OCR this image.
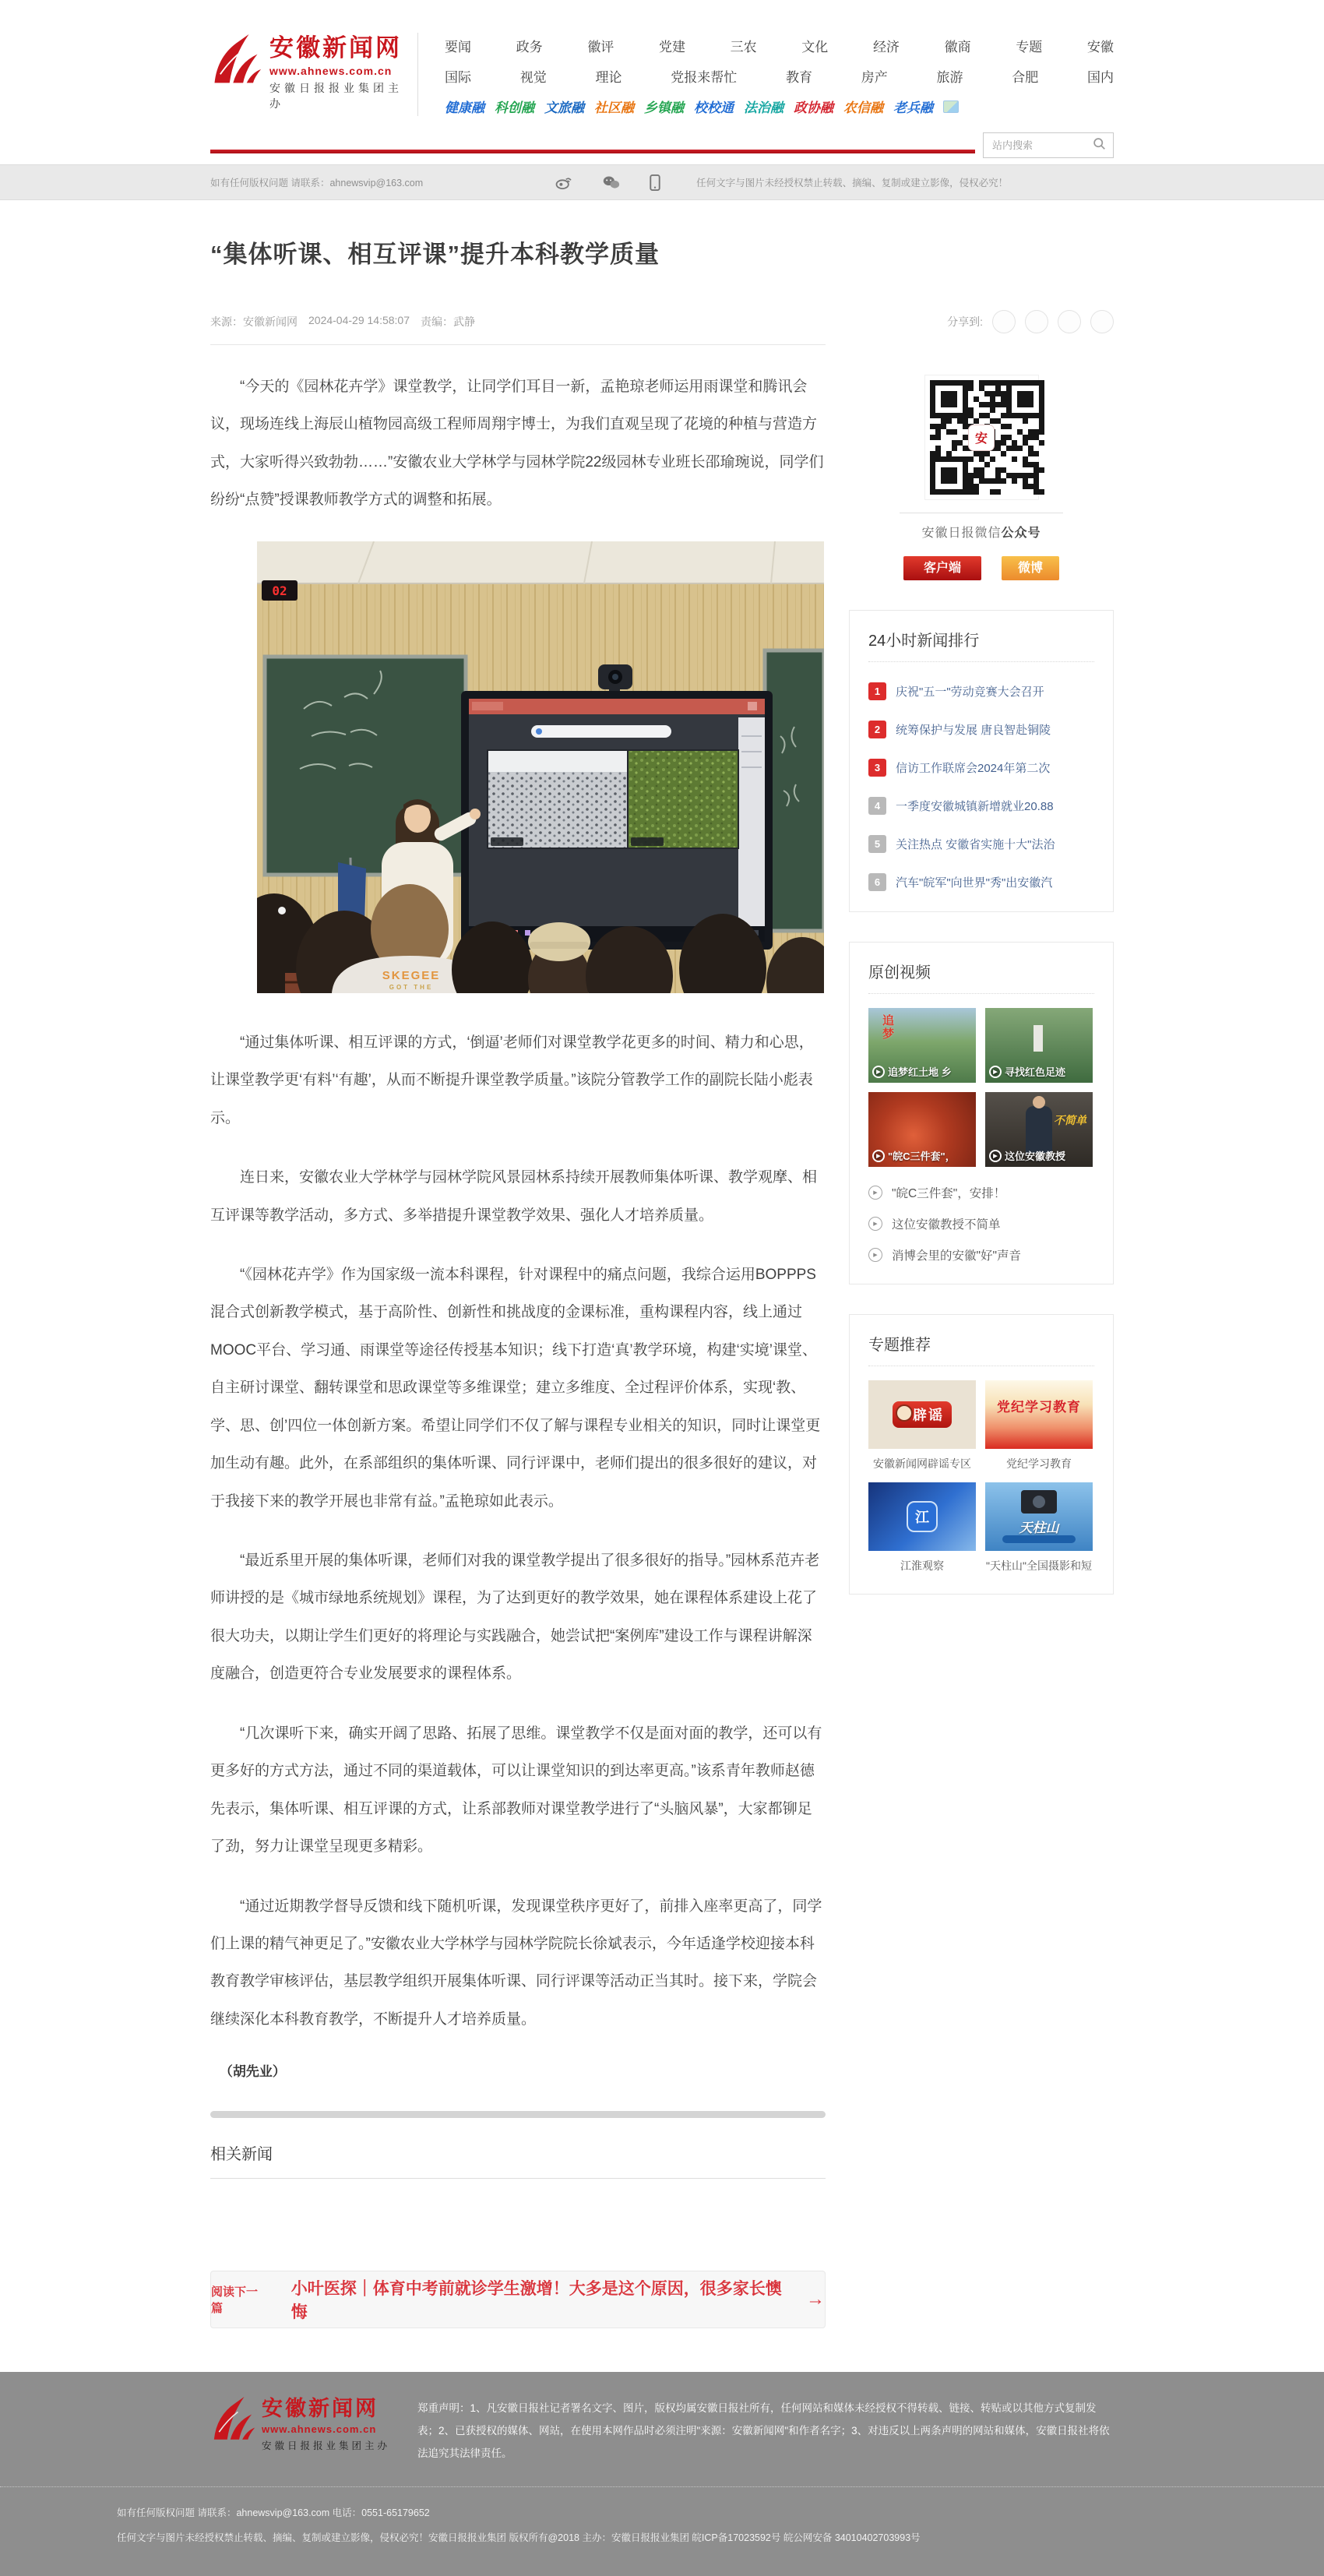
安徽新闻网
www.ahnews.com.cn
安徽日报报业集团主办
要闻	政务	徽评	党建	三农	文化	经济	徽商	专题	安徽
国际	视觉	理论	党报来帮忙	教育	房产	旅游	合肥	国内
健康融 科创融 文旅融 社区融 乡镇融 校校通 法治融 政协融 农信融 老兵融
站内搜索
如有任何版权问题 请联系：ahnewsvip@163.com	任何文字与图片未经授权禁止转载、摘编、复制或建立影像，侵权必究！
“集体听课、相互评课”提升本科教学质量
来源：安徽新闻网 2024-04-29 14:58:07 责编：武静	分享到:

“今天的《园林花卉学》课堂教学，让同学们耳目一新，孟艳琼老师运用雨课堂和腾讯会议，现场连线上海辰山植物园高级工程师周翔宇博士，为我们直观呈现了花境的种植与营造方式，大家听得兴致勃勃……”安徽农业大学林学与园林学院22级园林专业班长邵瑜琬说，同学们纷纷“点赞”授课教师教学方式的调整和拓展。

02
SKEGEE
GOT THE

“通过集体听课、相互评课的方式，‘倒逼’老师们对课堂教学花更多的时间、精力和心思，让课堂教学更‘有料’‘有趣’，从而不断提升课堂教学质量。”该院分管教学工作的副院长陆小彪表示。

连日来，安徽农业大学林学与园林学院风景园林系持续开展教师集体听课、教学观摩、相互评课等教学活动，多方式、多举措提升课堂教学效果、强化人才培养质量。

“《园林花卉学》作为国家级一流本科课程，针对课程中的痛点问题，我综合运用BOPPPS混合式创新教学模式，基于高阶性、创新性和挑战度的金课标准，重构课程内容，线上通过MOOC平台、学习通、雨课堂等途径传授基本知识；线下打造‘真’教学环境，构建‘实境’课堂、自主研讨课堂、翻转课堂和思政课堂等多维课堂；建立多维度、全过程评价体系，实现‘教、学、思、创’四位一体创新方案。希望让同学们不仅了解与课程专业相关的知识，同时让课堂更加生动有趣。此外，在系部组织的集体听课、同行评课中，老师们提出的很多很好的建议，对于我接下来的教学开展也非常有益。”孟艳琼如此表示。

“最近系里开展的集体听课，老师们对我的课堂教学提出了很多很好的指导。”园林系范卉老师讲授的是《城市绿地系统规划》课程，为了达到更好的教学效果，她在课程体系建设上花了很大功夫，以期让学生们更好的将理论与实践融合，她尝试把“案例库”建设工作与课程讲解深度融合，创造更符合专业发展要求的课程体系。

“几次课听下来，确实开阔了思路、拓展了思维。课堂教学不仅是面对面的教学，还可以有更多好的方式方法，通过不同的渠道载体，可以让课堂知识的到达率更高。”该系青年教师赵德先表示，集体听课、相互评课的方式，让系部教师对课堂教学进行了“头脑风暴”，大家都铆足了劲，努力让课堂呈现更多精彩。

“通过近期教学督导反馈和线下随机听课，发现课堂秩序更好了，前排入座率更高了，同学们上课的精气神更足了。”安徽农业大学林学与园林学院院长徐斌表示，今年适逢学校迎接本科教育教学审核评估，基层教学组织开展集体听课、同行评课等活动正当其时。接下来，学院会继续深化本科教育教学，不断提升人才培养质量。

（胡先业）

相关新闻
阅读下一篇
小叶医探｜体育中考前就诊学生激增！大多是这个原因，很多家长懊悔
→
安
安徽日报微信公众号
客户端	微博
24小时新闻排行
1	庆祝"五一"劳动竞赛大会召开
2	统筹保护与发展 唐良智赴铜陵
3	信访工作联席会2024年第二次
4	一季度安徽城镇新增就业20.88
5	关注热点 安徽省实施十大"法治
6	汽车"皖军"向世界"秀"出安徽汽
原创视频
追梦
▶ 追梦红土地 乡	▶ 寻找红色足迹
▶ "皖C三件套"，
不简单
▶ 这位安徽教授
▶	"皖C三件套"，安排！
▶	这位安徽教授不简单
▶	消博会里的安徽"好"声音
专题推荐
辟谣
安徽新闻网辟谣专区
党纪学习教育
党纪学习教育
江
江淮观察
天柱山
"天柱山"全国摄影和短
安徽新闻网
www.ahnews.com.cn
安徽日报报业集团主办
郑重声明：1、凡安徽日报社记者署名文字、图片，版权均属安徽日报社所有，任何网站和媒体未经授权不得转载、链接、转贴或以其他方式复制发表；2、已获授权的媒体、网站，在使用本网作品时必须注明"来源：安徽新闻网"和作者名字；3、对违反以上两条声明的网站和媒体，安徽日报社将依法追究其法律责任。
如有任何版权问题 请联系：ahnewsvip@163.com 电话：0551-65179652
任何文字与图片未经授权禁止转载、摘编、复制或建立影像，侵权必究！安徽日报报业集团 版权所有@2018 主办：安徽日报报业集团 皖ICP备17023592号 皖公网安备 34010402703993号
